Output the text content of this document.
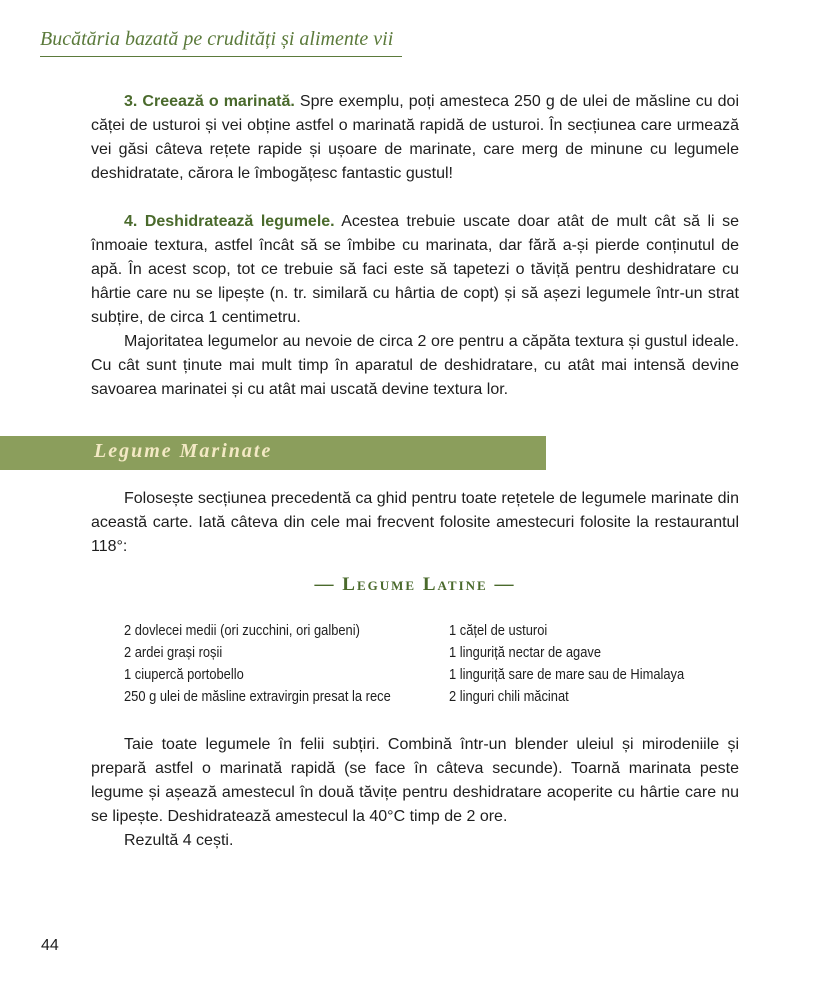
Bucătăria bazată pe crudități și alimente vii

3. Creează o marinată. Spre exemplu, poți amesteca 250 g de ulei de măsline cu doi căței de usturoi și vei obține astfel o marinată rapidă de usturoi. În secțiunea care urmează vei găsi câteva rețete rapide și ușoare de marinate, care merg de minune cu legumele deshidratate, cărora le îmbogățesc fantastic gustul!

4. Deshidratează legumele. Acestea trebuie uscate doar atât de mult cât să li se înmoaie textura, astfel încât să se îmbibe cu marinata, dar fără a-și pierde conținutul de apă. În acest scop, tot ce trebuie să faci este să tapetezi o tăviță pentru deshidratare cu hârtie care nu se lipește (n. tr. similară cu hârtia de copt) și să așezi legumele într-un strat subțire, de circa 1 centimetru.

Majoritatea legumelor au nevoie de circa 2 ore pentru a căpăta textura și gustul ideale. Cu cât sunt ținute mai mult timp în aparatul de deshidratare, cu atât mai intensă devine savoarea marinatei și cu atât mai uscată devine textura lor.

Legume Marinate

Folosește secțiunea precedentă ca ghid pentru toate rețetele de legumele marinate din această carte. Iată câteva din cele mai frecvent folosite amestecuri folosite la restaurantul 118°:

— Legume Latine —
2 dovlecei medii (ori zucchini, ori galbeni)
2 ardei grași roșii
1 ciupercă portobello
250 g ulei de măsline extravirgin presat la rece
1 cățel de usturoi
1 linguriță nectar de agave
1 linguriță sare de mare sau de Himalaya
2 linguri chili măcinat

Taie toate legumele în felii subțiri. Combină într-un blender uleiul și mirodeniile și prepară astfel o marinată rapidă (se face în câteva secunde). Toarnă marinata peste legume și așează amestecul în două tăvițe pentru deshidratare acoperite cu hârtie care nu se lipește. Deshidratează amestecul la 40°C timp de 2 ore.

Rezultă 4 cești.

44
